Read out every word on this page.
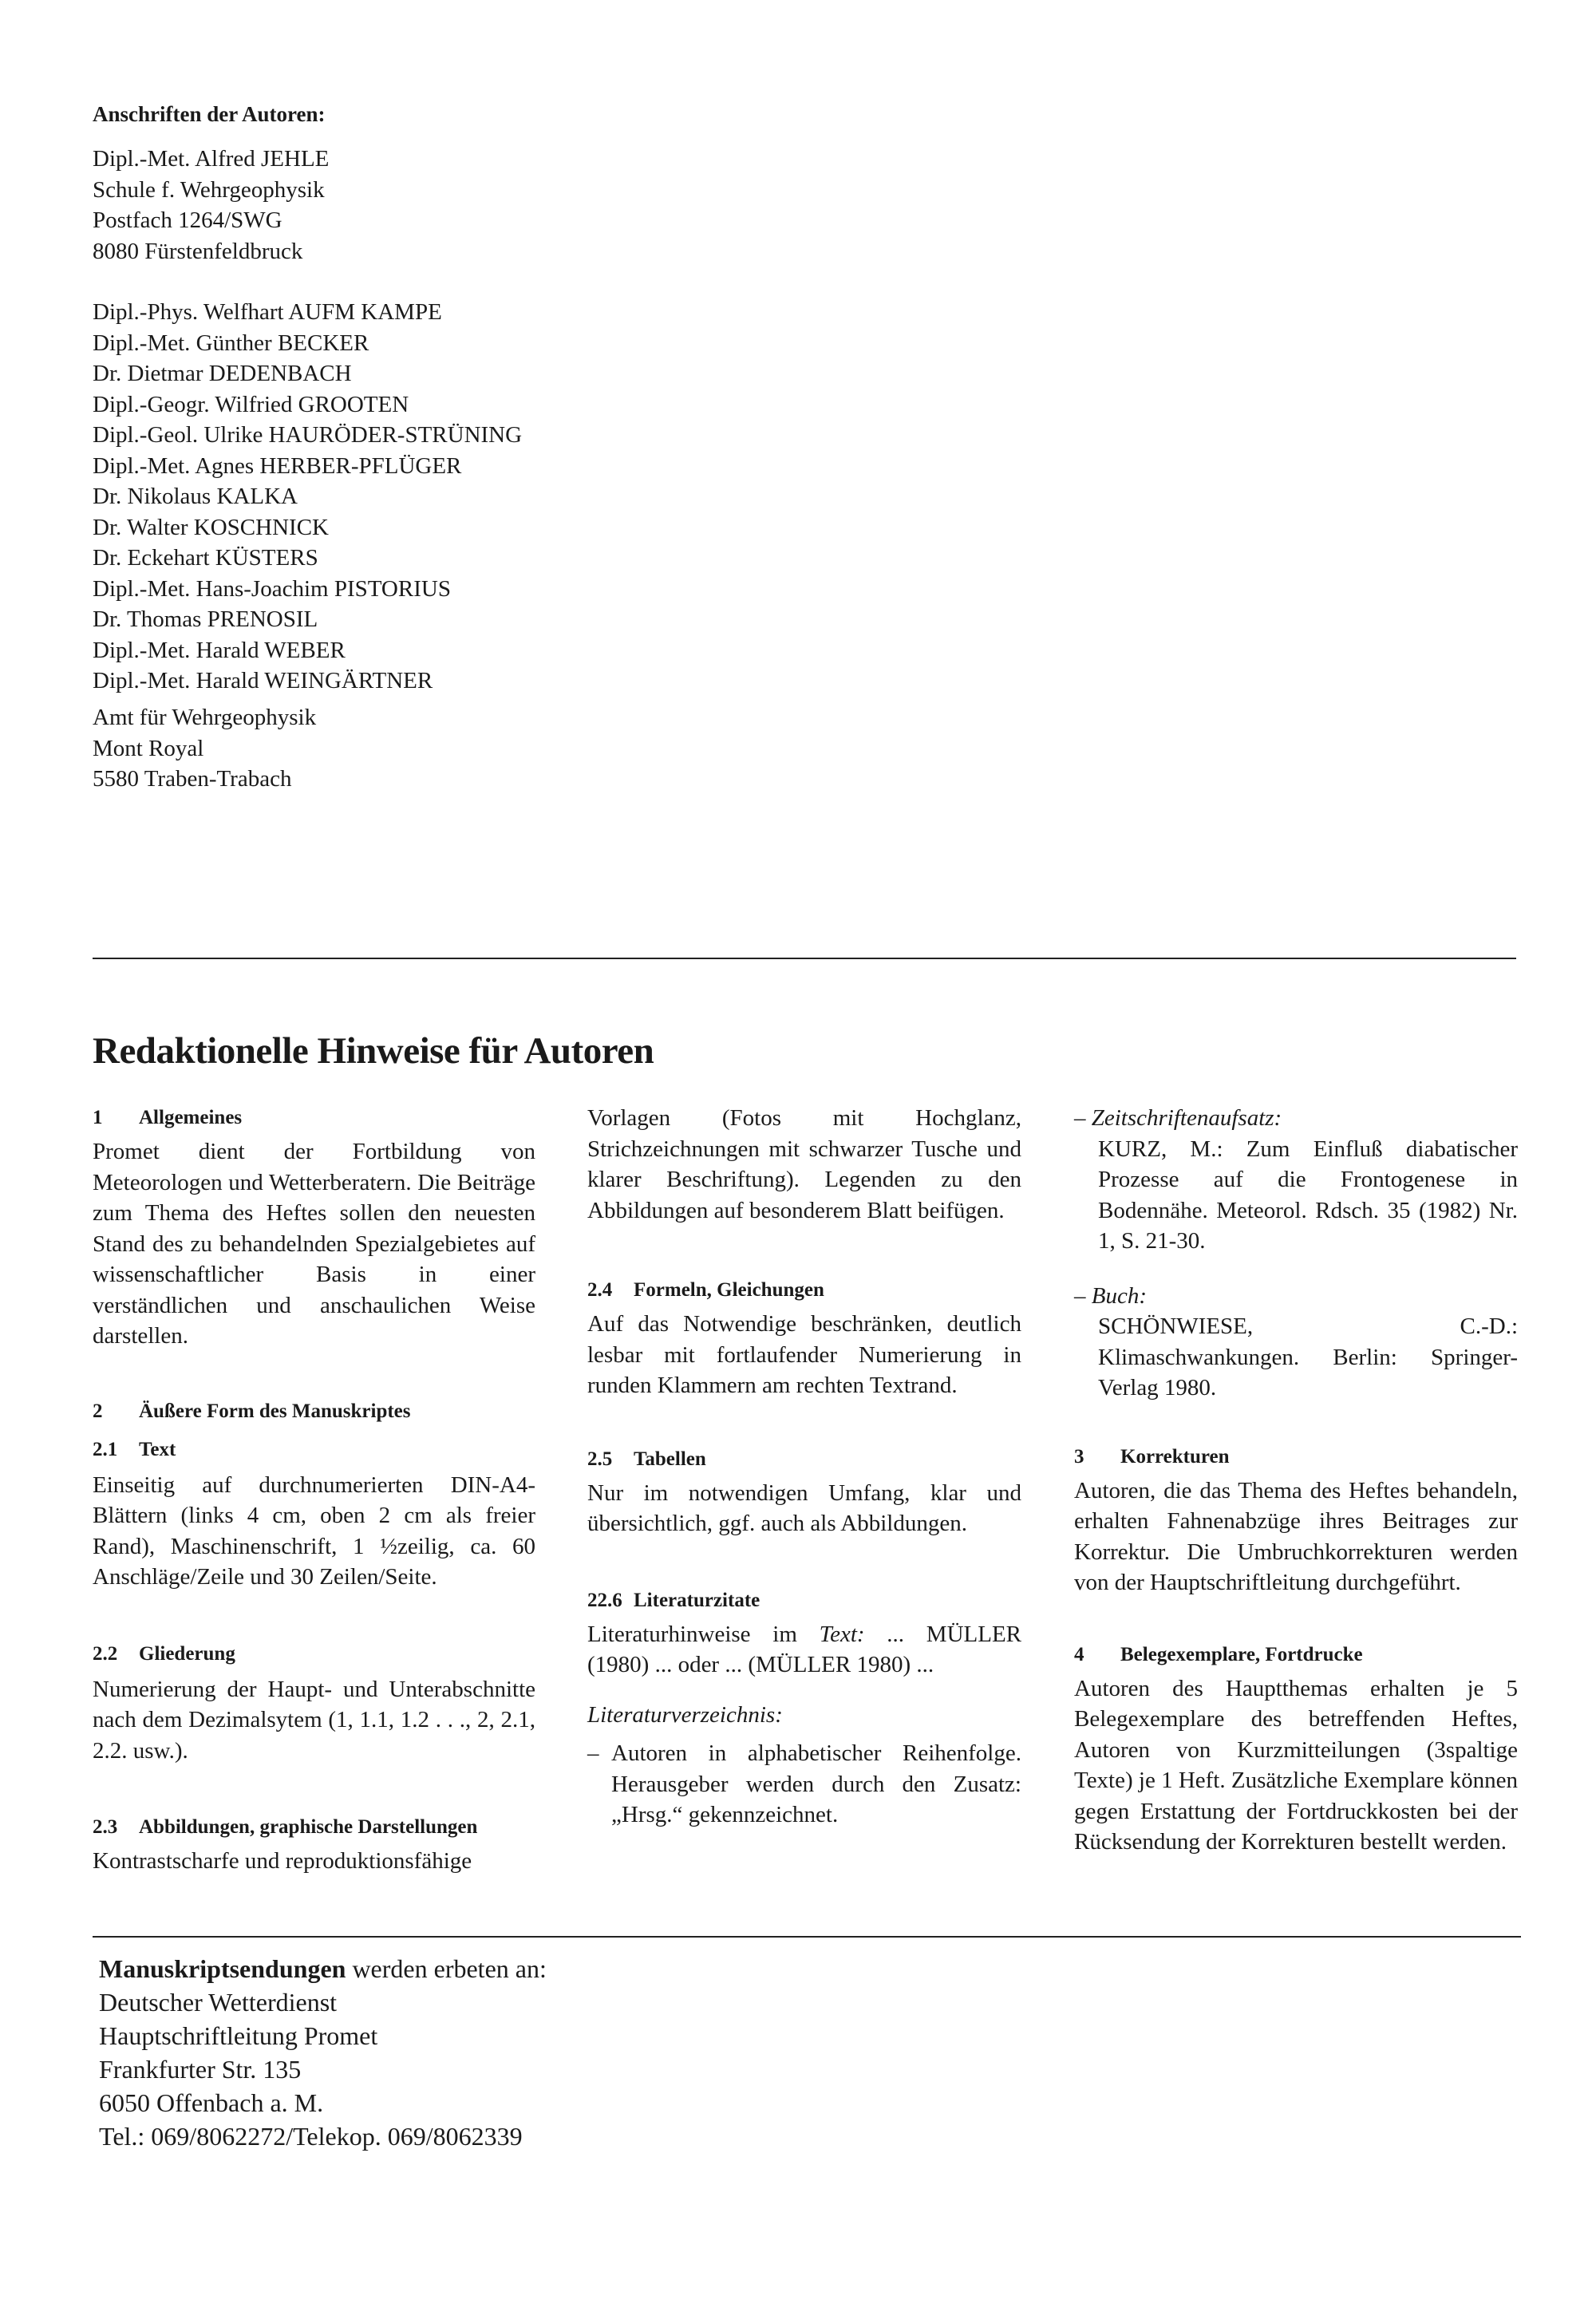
Anschriften der Autoren:
Dipl.-Met. Alfred JEHLE
Schule f. Wehrgeophysik
Postfach 1264/SWG
8080 Fürstenfeldbruck
Dipl.-Phys. Welfhart AUFM KAMPE
Dipl.-Met. Günther BECKER
Dr. Dietmar DEDENBACH
Dipl.-Geogr. Wilfried GROOTEN
Dipl.-Geol. Ulrike HAURÖDER-STRÜNING
Dipl.-Met. Agnes HERBER-PFLÜGER
Dr. Nikolaus KALKA
Dr. Walter KOSCHNICK
Dr. Eckehart KÜSTERS
Dipl.-Met. Hans-Joachim PISTORIUS
Dr. Thomas PRENOSIL
Dipl.-Met. Harald WEBER
Dipl.-Met. Harald WEINGÄRTNER
Amt für Wehrgeophysik
Mont Royal
5580 Traben-Trabach
Redaktionelle Hinweise für Autoren
1 Allgemeines

Promet dient der Fortbildung von Meteorologen und Wetterberatern. Die Beiträge zum Thema des Heftes sollen den neuesten Stand des zu behandelnden Spezialgebietes auf wissenschaftlicher Basis in einer verständlichen und anschaulichen Weise darstellen.

2 Äußere Form des Manuskriptes
2.1 Text

Einseitig auf durchnumerierten DIN-A4-Blättern (links 4 cm, oben 2 cm als freier Rand), Maschinenschrift, 1 ½zeilig, ca. 60 Anschläge/Zeile und 30 Zeilen/Seite.

2.2 Gliederung

Numerierung der Haupt- und Unterabschnitte nach dem Dezimalsytem (1, 1.1, 1.2 . . ., 2, 2.1, 2.2. usw.).

2.3 Abbildungen, graphische Darstellungen

Kontrastscharfe und reproduktionsfähige

Vorlagen (Fotos mit Hochglanz, Strichzeichnungen mit schwarzer Tusche und klarer Beschriftung). Legenden zu den Abbildungen auf besonderem Blatt beifügen.

2.4 Formeln, Gleichungen

Auf das Notwendige beschränken, deutlich lesbar mit fortlaufender Numerierung in runden Klammern am rechten Textrand.

2.5 Tabellen

Nur im notwendigen Umfang, klar und übersichtlich, ggf. auch als Abbildungen.

22.6 Literaturzitate

Literaturhinweise im Text: ... MÜLLER (1980) ... oder ... (MÜLLER 1980) ...

Literaturverzeichnis:
– Autoren in alphabetischer Reihenfolge. Herausgeber werden durch den Zusatz: „Hrsg.“ gekennzeichnet.

– Zeitschriftenaufsatz:

KURZ, M.: Zum Einfluß diabatischer Prozesse auf die Frontogenese in Bodennähe. Meteorol. Rdsch. 35 (1982) Nr. 1, S. 21-30.

– Buch:

SCHÖNWIESE, C.-D.: Klimaschwankungen. Berlin: Springer-Verlag 1980.

3 Korrekturen

Autoren, die das Thema des Heftes behandeln, erhalten Fahnenabzüge ihres Beitrages zur Korrektur. Die Umbruchkorrekturen werden von der Hauptschriftleitung durchgeführt.

4 Belegexemplare, Fortdrucke

Autoren des Hauptthemas erhalten je 5 Belegexemplare des betreffenden Heftes, Autoren von Kurzmitteilungen (3spaltige Texte) je 1 Heft. Zusätzliche Exemplare können gegen Erstattung der Fortdruckkosten bei der Rücksendung der Korrekturen bestellt werden.

Manuskriptsendungen werden erbeten an:
Deutscher Wetterdienst
Hauptschriftleitung Promet
Frankfurter Str. 135
6050 Offenbach a. M.
Tel.: 069/8062272/Telekop. 069/8062339
